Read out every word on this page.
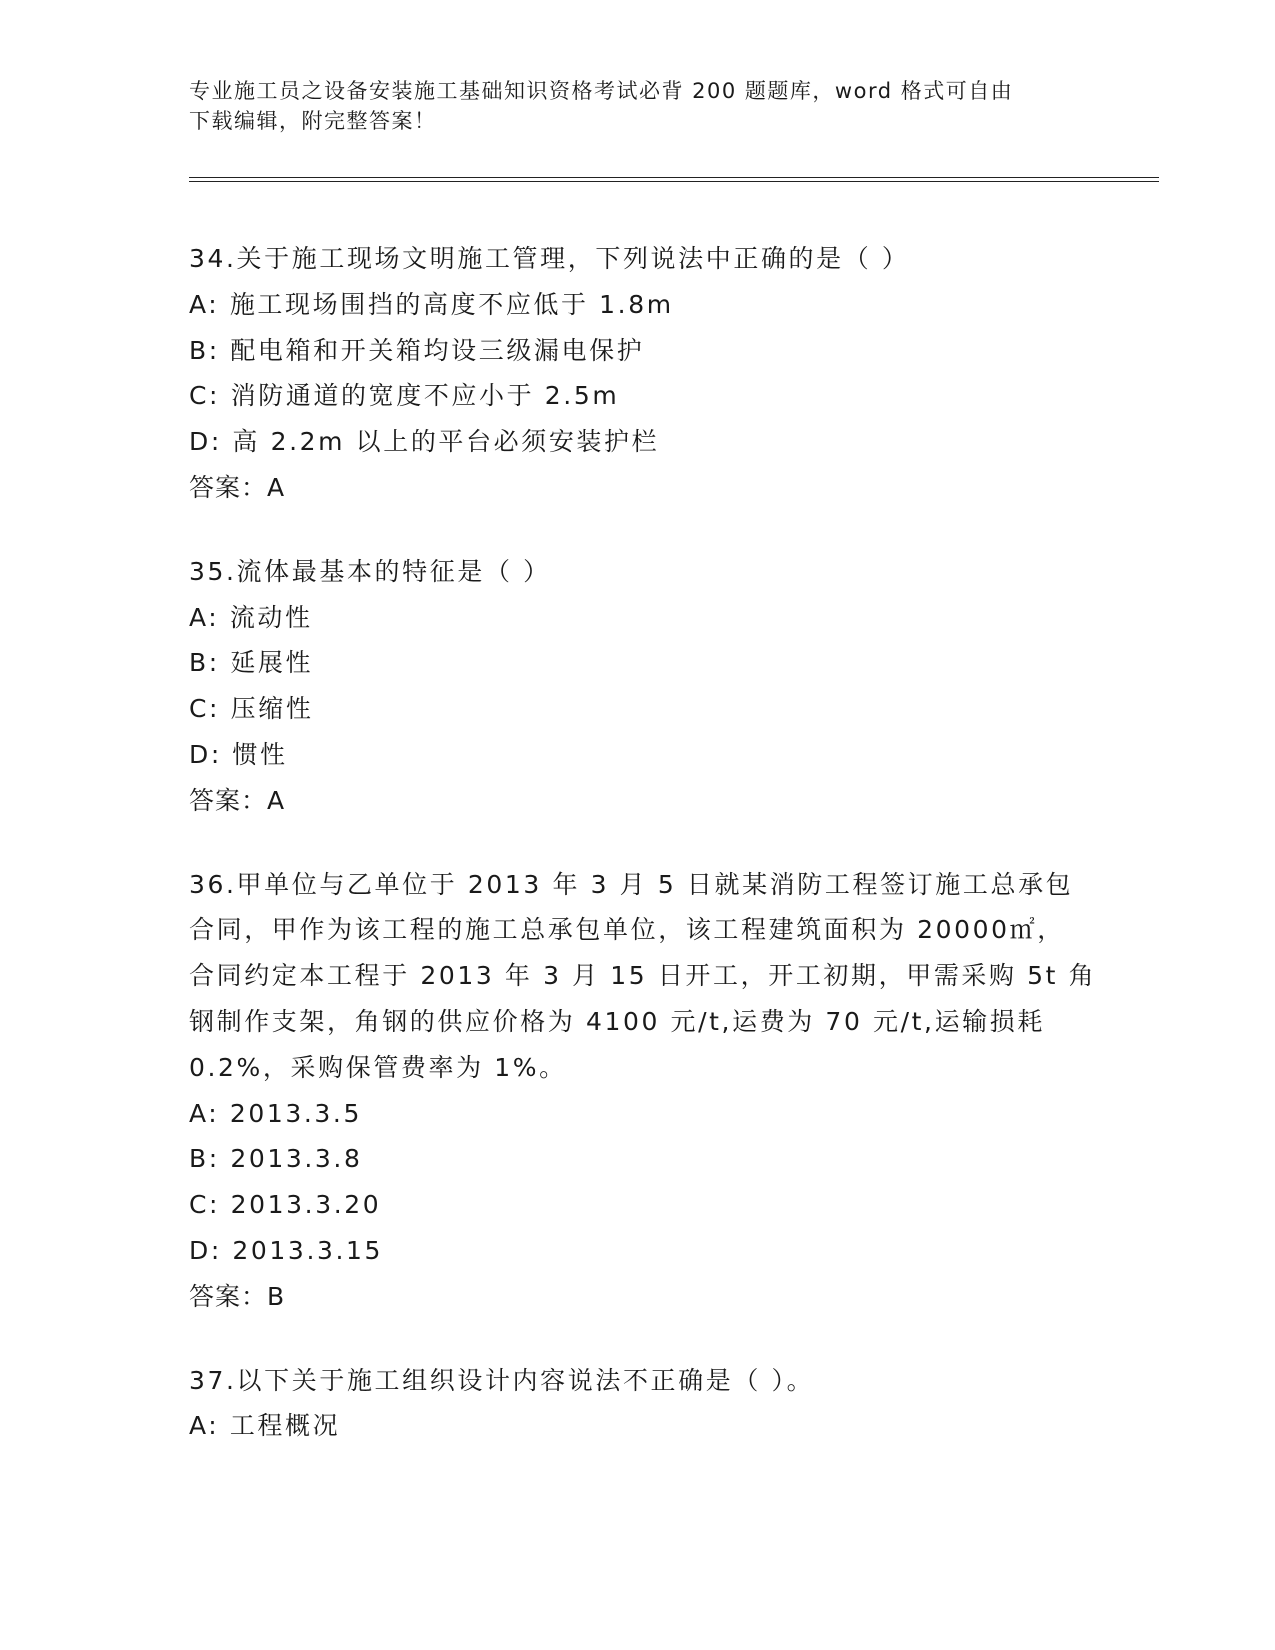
专业施工员之设备安装施工基础知识资格考试必背 200 题题库，word 格式可自由
下载编辑，附完整答案！
34.关于施工现场文明施工管理，下列说法中正确的是（ ）
A: 施工现场围挡的高度不应低于 1.8m
B: 配电箱和开关箱均设三级漏电保护
C: 消防通道的宽度不应小于 2.5m
D: 高 2.2m 以上的平台必须安装护栏
答案：A
35.流体最基本的特征是（ ）
A: 流动性
B: 延展性
C: 压缩性
D: 惯性
答案：A
36.甲单位与乙单位于 2013 年 3 月 5 日就某消防工程签订施工总承包
合同，甲作为该工程的施工总承包单位，该工程建筑面积为 20000㎡，
合同约定本工程于 2013 年 3 月 15 日开工，开工初期，甲需采购 5t 角
钢制作支架，角钢的供应价格为 4100 元/t,运费为 70 元/t,运输损耗
0.2%，采购保管费率为 1%。
A: 2013.3.5
B: 2013.3.8
C: 2013.3.20
D: 2013.3.15
答案：B
37.以下关于施工组织设计内容说法不正确是（ ）。
A: 工程概况
